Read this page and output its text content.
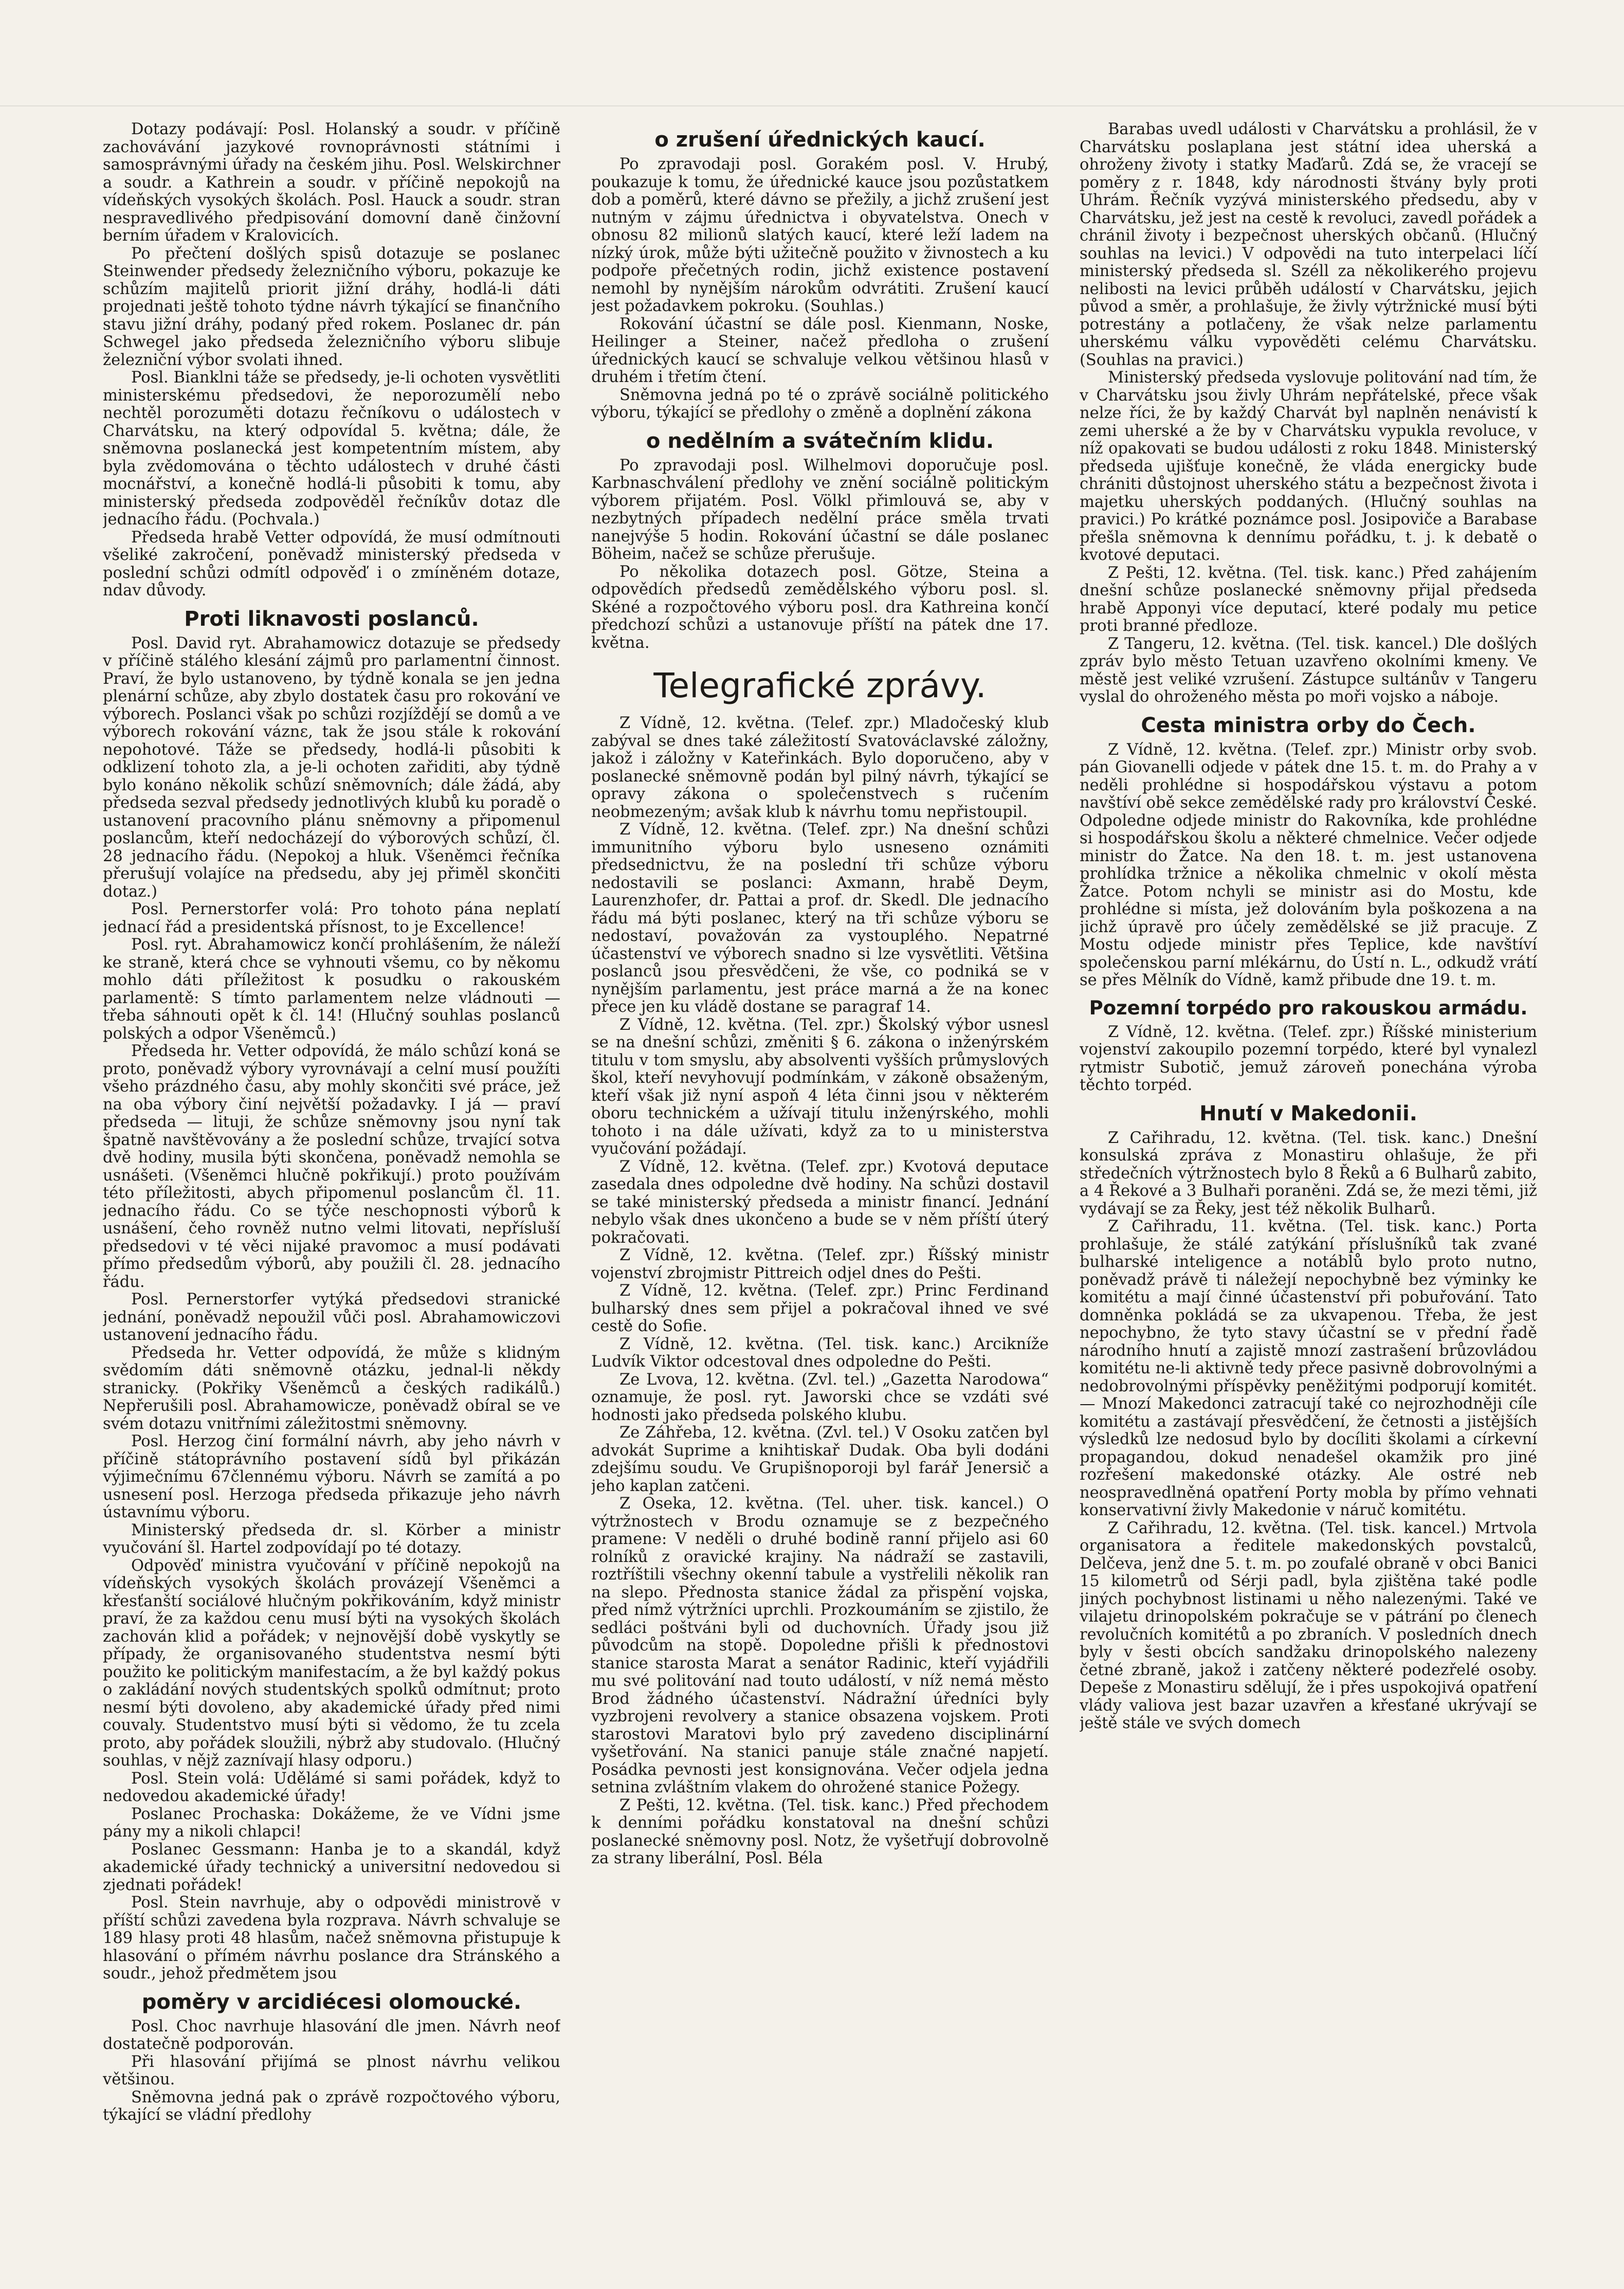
Dotazy podávají: Posl. Holanský a soudr. v příčině zachovávání jazykové rovnoprávnosti státními i samosprávnými úřady na českém jihu. Posl. Welskirchner a soudr. a Kathrein a soudr. v příčině nepokojů na vídeňských vysokých školách. Posl. Hauck a soudr. stran nespravedlivého předpisování domovní daně činžovní berním úřadem v Kralovicích.

Po přečtení došlých spisů dotazuje se poslanec Steinwender předsedy železničního výboru, pokazuje ke schůzím majitelů priorit jižní dráhy, hodlá-li dáti projednati ještě tohoto týdne návrh týkající se finančního stavu jižní dráhy, podaný před rokem. Poslanec dr. pán Schwegel jako předseda železničního výboru slibuje železniční výbor svolati ihned.

Posl. Bianklni táže se předsedy, je-li ochoten vysvětliti ministerskému předsedovi, že neporozumělí nebo nechtěl porozuměti dotazu řečníkovu o událostech v Charvátsku, na který odpovídal 5. května; dále, že sněmovna poslanecká jest kompetentním místem, aby byla zvědomována o těchto událostech v druhé části mocnářství, a konečně hodlá-li působiti k tomu, aby ministerský předseda zodpověděl řečníkův dotaz dle jednacího řádu. (Pochvala.)

Předseda hrabě Vetter odpovídá, že musí odmítnouti všeliké zakročení, poněvadž ministerský předseda v poslední schůzi odmítl odpověď i o zmíněném dotaze, ndav důvody.

Proti liknavosti poslanců.

Posl. David ryt. Abrahamowicz dotazuje se předsedy v příčině stálého klesání zájmů pro parlamentní činnost. Praví, že bylo ustanoveno, by týdně konala se jen jedna plenární schůze, aby zbylo dostatek času pro rokování ve výborech. Poslanci však po schůzi rozjíždějí se domů a ve výborech rokování váznε, tak že jsou stále k rokování nepohotové. Táže se předsedy, hodlá-li působiti k odklizení tohoto zla, a je-li ochoten zařiditi, aby týdně bylo konáno několik schůzí sněmovních; dále žádá, aby předseda sezval předsedy jednotlivých klubů ku poradě o ustanovení pracovního plánu sněmovny a připomenul poslancům, kteří nedocházejí do výborových schůzí, čl. 28 jednacího řádu. (Nepokoj a hluk. Všeněmci řečníka přerušují volajíce na předsedu, aby jej přiměl skončiti dotaz.)

Posl. Pernerstorfer volá: Pro tohoto pána neplatí jednací řád a presidentská přísnost, to je Excellence!

Posl. ryt. Abrahamowicz končí prohlášením, že náleží ke straně, která chce se vyhnouti všemu, co by někomu mohlo dáti příležitost k posudku o rakouském parlamentě: S tímto parlamentem nelze vládnouti — třeba sáhnouti opět k čl. 14! (Hlučný souhlas poslanců polských a odpor Všeněmců.)

Předseda hr. Vetter odpovídá, že málo schůzí koná se proto, poněvadž výbory vyrovnávají a celní musí použíti všeho prázdného času, aby mohly skončiti své práce, jež na oba výbory činí největší požadavky. I já — praví předseda — lituji, že schůze sněmovny jsou nyní tak špatně navštěvovány a že poslední schůze, trvající sotva dvě hodiny, musila býti skončena, poněvadž nemohla se usnášeti. (Všeněmci hlučně pokřikují.) proto používám této příležitosti, abych připomenul poslancům čl. 11. jednacího řádu. Co se týče neschopnosti výborů k usnášení, čeho rovněž nutno velmi litovati, nepřísluší předsedovi v té věci nijaké pravomoc a musí podávati přímo předsedům výborů, aby použili čl. 28. jednacího řádu.

Posl. Pernerstorfer vytýká předsedovi stranické jednání, poněvadž nepoužil vůči posl. Abrahamowiczovi ustanovení jednacího řádu.

Předseda hr. Vetter odpovídá, že může s klidným svědomím dáti sněmovně otázku, jednal-li někdy stranicky. (Pokřiky Všeněmců a českých radikálů.) Nepřerušili posl. Abrahamowicze, poněvadž obíral se ve svém dotazu vnitřními záležitostmi sněmovny.

Posl. Herzog činí formální návrh, aby jeho návrh v příčině státoprávního postavení sídů byl přikázán výjimečnímu 67člennému výboru. Návrh se zamítá a po usnesení posl. Herzoga předseda přikazuje jeho návrh ústavnímu výboru.

Ministerský předseda dr. sl. Körber a ministr vyučování šl. Hartel zodpovídají po té dotazy.

Odpověď ministra vyučování v příčině nepokojů na vídeňských vysokých školách provázejí Všeněmci a křesťanští sociálové hlučným pokřikováním, když ministr praví, že za každou cenu musí býti na vysokých školách zachován klid a pořádek; v nejnovější době vyskytly se případy, že organisovaného studentstva nesmí býti použito ke politickým manifestacím, a že byl každý pokus o zakládání nových studentských spolků odmítnut; proto nesmí býti dovoleno, aby akademické úřady před nimi couvaly. Studentstvo musí býti si vědomo, že tu zcela proto, aby pořádek sloužili, nýbrž aby studovalo. (Hlučný souhlas, v nějž zaznívají hlasy odporu.)

Posl. Stein volá: Udělámé si sami pořádek, když to nedovedou akademické úřady!

Poslanec Prochaska: Dokážeme, že ve Vídni jsme pány my a nikoli chlapci!

Poslanec Gessmann: Hanba je to a skandál, když akademické úřady technický a universitní nedovedou si zjednati pořádek!

Posl. Stein navrhuje, aby o odpovědi ministrově v příští schůzi zavedena byla rozprava. Návrh schvaluje se 189 hlasy proti 48 hlasům, načež sněmovna přistupuje k hlasování o přímém návrhu poslance dra Stránského a soudr., jehož předmětem jsou

poměry v arcidiécesi olomoucké.

Posl. Choc navrhuje hlasování dle jmen. Návrh neof dostatečně podporován.

Při hlasování přijímá se plnost návrhu velikou většinou.

Sněmovna jedná pak o zprávě rozpočtového výboru, týkající se vládní předlohy

o zrušení úřednických kaucí.

Po zpravodaji posl. Gorakém posl. V. Hrubý, poukazuje k tomu, že úřednické kauce jsou pozůstatkem dob a poměrů, které dávno se přežily, a jichž zrušení jest nutným v zájmu úřednictva i obyvatelstva. Onech v obnosu 82 milionů slatých kaucí, které leží ladem na nízký úrok, může býti užitečně použito v živnostech a ku podpoře přečetných rodin, jichž existence postavení nemohl by nynějším nárokům odvrátiti. Zrušení kaucí jest požadavkem pokroku. (Souhlas.)

Rokování účastní se dále posl. Kienmann, Noske, Heilinger a Steiner, načež předloha o zrušení úřednických kaucí se schvaluje velkou většinou hlasů v druhém i třetím čtení.

Sněmovna jedná po té o zprávě sociálně politického výboru, týkající se předlohy o změně a doplnění zákona

o nedělním a svátečním klidu.

Po zpravodaji posl. Wilhelmovi doporučuje posl. Karbnaschválení předlohy ve znění sociálně politickým výborem přijatém. Posl. Völkl přimlouvá se, aby v nezbytných případech nedělní práce směla trvati nanejvýše 5 hodin. Rokování účastní se dále poslanec Böheim, načež se schůze přerušuje.

Po několika dotazech posl. Götze, Steina a odpovědích předsedů zemědělského výboru posl. sl. Skéné a rozpočtového výboru posl. dra Kathreina končí předchozí schůzi a ustanovuje příští na pátek dne 17. května.

Telegrafické zprávy.

Z Vídně, 12. května. (Telef. zpr.) Mladočeský klub zabýval se dnes také záležitostí Svatováclavské záložny, jakož i záložny v Kateřinkách. Bylo doporučeno, aby v poslanecké sněmovně podán byl pilný návrh, týkající se opravy zákona o společenstvech s ručením neobmezeným; avšak klub k návrhu tomu nepřistoupil.

Z Vídně, 12. května. (Telef. zpr.) Na dnešní schůzi immunitního výboru bylo usneseno oznámiti předsednictvu, že na poslední tři schůze výboru nedostavili se poslanci: Axmann, hrabě Deym, Laurenzhofer, dr. Pattai a prof. dr. Skedl. Dle jednacího řádu má býti poslanec, který na tři schůze výboru se nedostaví, považován za vystouplého. Nepatrné účastenství ve výborech snadno si lze vysvětliti. Většina poslanců jsou přesvědčeni, že vše, co podniká se v nynějším parlamentu, jest práce marná a že na konec přece jen ku vládě dostane se paragraf 14.

Z Vídně, 12. května. (Tel. zpr.) Školský výbor usnesl se na dnešní schůzi, změniti § 6. zákona o inženýrském titulu v tom smyslu, aby absolventi vyšších průmyslových škol, kteří nevyhovují podmínkám, v zákoně obsaženým, kteří však již nyní aspoň 4 léta činni jsou v některém oboru technickém a užívají titulu inženýrského, mohli tohoto i na dále užívati, když za to u ministerstva vyučování požádají.

Z Vídně, 12. května. (Telef. zpr.) Kvotová deputace zasedala dnes odpoledne dvě hodiny. Na schůzi dostavil se také ministerský předseda a ministr financí. Jednání nebylo však dnes ukončeno a bude se v něm příští úterý pokračovati.

Z Vídně, 12. května. (Telef. zpr.) Říšský ministr vojenství zbrojmistr Pittreich odjel dnes do Pešti.

Z Vídně, 12. května. (Telef. zpr.) Princ Ferdinand bulharský dnes sem přijel a pokračoval ihned ve své cestě do Sofie.

Z Vídně, 12. května. (Tel. tisk. kanc.) Arcikníže Ludvík Viktor odcestoval dnes odpoledne do Pešti.

Ze Lvova, 12. května. (Zvl. tel.) „Gazetta Narodowa“ oznamuje, že posl. ryt. Jaworski chce se vzdáti své hodnosti jako předseda polského klubu.

Ze Záhřeba, 12. května. (Zvl. tel.) V Osoku zatčen byl advokát Suprime a knihtiskař Dudak. Oba byli dodáni zdejšímu soudu. Ve Grupišnoporoji byl farář Jenersič a jeho kaplan zatčeni.

Z Oseka, 12. května. (Tel. uher. tisk. kancel.) O výtržnostech v Brodu oznamuje se z bezpečného pramene: V neděli o druhé bodině ranní přijelo asi 60 rolníků z oravické krajiny. Na nádraží se zastavili, roztříštili všechny okenní tabule a vystřelili několik ran na slepo. Přednosta stanice žádal za přispění vojska, před nímž výtržníci uprchli. Prozkoumáním se zjistilo, že sedláci poštváni byli od duchovních. Úřady jsou již původcům na stopě. Dopoledne přišli k přednostovi stanice starosta Marat a senátor Radinic, kteří vyjádřili mu své politování nad touto událostí, v níž nemá město Brod žádného účastenství. Nádražní úředníci byly vyzbrojeni revolvery a stanice obsazena vojskem. Proti starostovi Maratovi bylo prý zavedeno disciplinární vyšetřování. Na stanici panuje stále značné napjetí. Posádka pevnosti jest konsignována. Večer odjela jedna setnina zvláštním vlakem do ohrožené stanice Požegy.

Z Pešti, 12. května. (Tel. tisk. kanc.) Před přechodem k denními pořádku konstatoval na dnešní schůzi poslanecké sněmovny posl. Notz, že vyšetřují dobrovolně za strany liberální, Posl. Béla

Barabas uvedl události v Charvátsku a prohlásil, že v Charvátsku poslaplana jest státní idea uherská a ohroženy životy i statky Maďarů. Zdá se, že vracejí se poměry z r. 1848, kdy národnosti štvány byly proti Uhrám. Řečník vyzývá ministerského předsedu, aby v Charvátsku, jež jest na cestě k revoluci, zavedl pořádek a chránil životy i bezpečnost uherských občanů. (Hlučný souhlas na levici.) V odpovědi na tuto interpelaci líčí ministerský předseda sl. Széll za několikerého projevu nelibosti na levici průběh událostí v Charvátsku, jejich původ a směr, a prohlašuje, že živly výtržnické musí býti potrestány a potlačeny, že však nelze parlamentu uherskému válku vypověděti celému Charvátsku. (Souhlas na pravici.)

Ministerský předseda vyslovuje politování nad tím, že v Charvátsku jsou živly Uhrám nepřátelské, přece však nelze říci, že by každý Charvát byl naplněn nenávistí k zemi uherské a že by v Charvátsku vypukla revoluce, v níž opakovati se budou události z roku 1848. Ministerský předseda ujišťuje konečně, že vláda energicky bude chrániti důstojnost uherského státu a bezpečnost života i majetku uherských poddaných. (Hlučný souhlas na pravici.) Po krátké poznámce posl. Josipoviče a Barabase přešla sněmovna k dennímu pořádku, t. j. k debatě o kvotové deputaci.

Z Pešti, 12. května. (Tel. tisk. kanc.) Před zahájením dnešní schůze poslanecké sněmovny přijal předseda hrabě Apponyi více deputací, které podaly mu petice proti branné předloze.

Z Tangeru, 12. května. (Tel. tisk. kancel.) Dle došlých zpráv bylo město Tetuan uzavřeno okolními kmeny. Ve městě jest veliké vzrušení. Zástupce sultánův v Tangeru vyslal do ohroženého města po moři vojsko a náboje.

Cesta ministra orby do Čech.

Z Vídně, 12. května. (Telef. zpr.) Ministr orby svob. pán Giovanelli odjede v pátek dne 15. t. m. do Prahy a v neděli prohlédne si hospodářskou výstavu a potom navštíví obě sekce zemědělské rady pro království České. Odpoledne odjede ministr do Rakovníka, kde prohlédne si hospodářskou školu a některé chmelnice. Večer odjede ministr do Žatce. Na den 18. t. m. jest ustanovena prohlídka tržnice a několika chmelnic v okolí města Žatce. Potom nchyli se ministr asi do Mostu, kde prohlédne si místa, jež dolováním byla poškozena a na jichž úpravě pro účely zemědělské se již pracuje. Z Mostu odjede ministr přes Teplice, kde navštíví společenskou parní mlékárnu, do Ústí n. L., odkudž vrátí se přes Mělník do Vídně, kamž přibude dne 19. t. m.

Pozemní torpédo pro rakouskou armádu.

Z Vídně, 12. května. (Telef. zpr.) Říšské ministerium vojenství zakoupilo pozemní torpédo, které byl vynalezl rytmistr Subotič, jemuž zároveň ponechána výroba těchto torpéd.

Hnutí v Makedonii.

Z Cařihradu, 12. května. (Tel. tisk. kanc.) Dnešní konsulská zpráva z Monastiru ohlašuje, že při středečních výtržnostech bylo 8 Řeků a 6 Bulharů zabito, a 4 Řekové a 3 Bulhaři poraněni. Zdá se, že mezi těmi, již vydávají se za Řeky, jest též několik Bulharů.

Z Cařihradu, 11. května. (Tel. tisk. kanc.) Porta prohlašuje, že stálé zatýkání příslušníků tak zvané bulharské inteligence a notáblů bylo proto nutno, poněvadž právě ti náležejí nepochybně bez výminky ke komitétu a mají činné účastenství při pobuřování. Tato domněnka pokládá se za ukvapenou. Třeba, že jest nepochybno, že tyto stavy účastní se v přední řadě národního hnutí a zajistě mnozí zastrašení brůzovládou komitétu ne-li aktivně tedy přece pasivně dobrovolnými a nedobrovolnými příspěvky peněžitými podporují komitét. — Mnozí Makedonci zatracují také co nejrozhodněji cíle komitétu a zastávají přesvědčení, že četnosti a jistějších výsledků lze nedosud bylo by docíliti školami a církevní propagandou, dokud nenadešel okamžik pro jiné rozřešení makedonské otázky. Ale ostré neb neospravedlněná opatření Porty mobla by přímo vehnati konservativní živly Makedonie v náruč komitétu.

Z Cařihradu, 12. května. (Tel. tisk. kancel.) Mrtvola organisatora a ředitele makedonských povstalců, Delčeva, jenž dne 5. t. m. po zoufalé obraně v obci Banici 15 kilometrů od Sérji padl, byla zjištěna také podle jiných pochybnost listinami u něho nalezenými. Také ve vilajetu drinopolském pokračuje se v pátrání po členech revolučních komitétů a po zbraních. V posledních dnech byly v šesti obcích sandžaku drinopolského nalezeny četné zbraně, jakož i zatčeny některé podezřelé osoby. Depeše z Monastiru sdělují, že i přes uspokojivá opatření vlády valiova jest bazar uzavřen a křesťané ukrývají se ještě stále ve svých domech
